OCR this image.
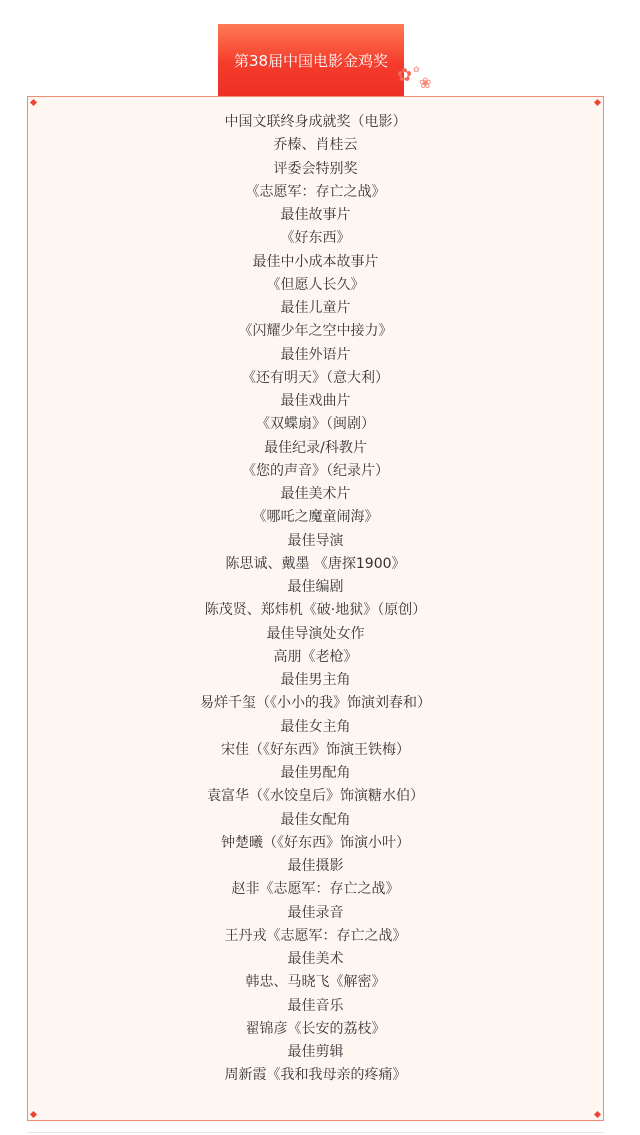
第38届中国电影金鸡奖
✿ ❀
✿
中国文联终身成就奖（电影）
乔榛、肖桂云
评委会特别奖
《志愿军：存亡之战》
最佳故事片
《好东西》
最佳中小成本故事片
《但愿人长久》
最佳儿童片
《闪耀少年之空中接力》
最佳外语片
《还有明天》（意大利）
最佳戏曲片
《双蝶扇》（闽剧）
最佳纪录/科教片
《您的声音》（纪录片）
最佳美术片
《哪吒之魔童闹海》
最佳导演
陈思诚、戴墨 《唐探1900》
最佳编剧
陈茂贤、郑炜机《破·地狱》（原创）
最佳导演处女作
高朋《老枪》
最佳男主角
易烊千玺（《小小的我》饰演刘春和）
最佳女主角
宋佳（《好东西》饰演王铁梅）
最佳男配角
袁富华（《水饺皇后》饰演糖水伯）
最佳女配角
钟楚曦（《好东西》饰演小叶）
最佳摄影
赵非《志愿军：存亡之战》
最佳录音
王丹戎《志愿军：存亡之战》
最佳美术
韩忠、马晓飞《解密》
最佳音乐
翟锦彦《长安的荔枝》
最佳剪辑
周新霞《我和我母亲的疼痛》
